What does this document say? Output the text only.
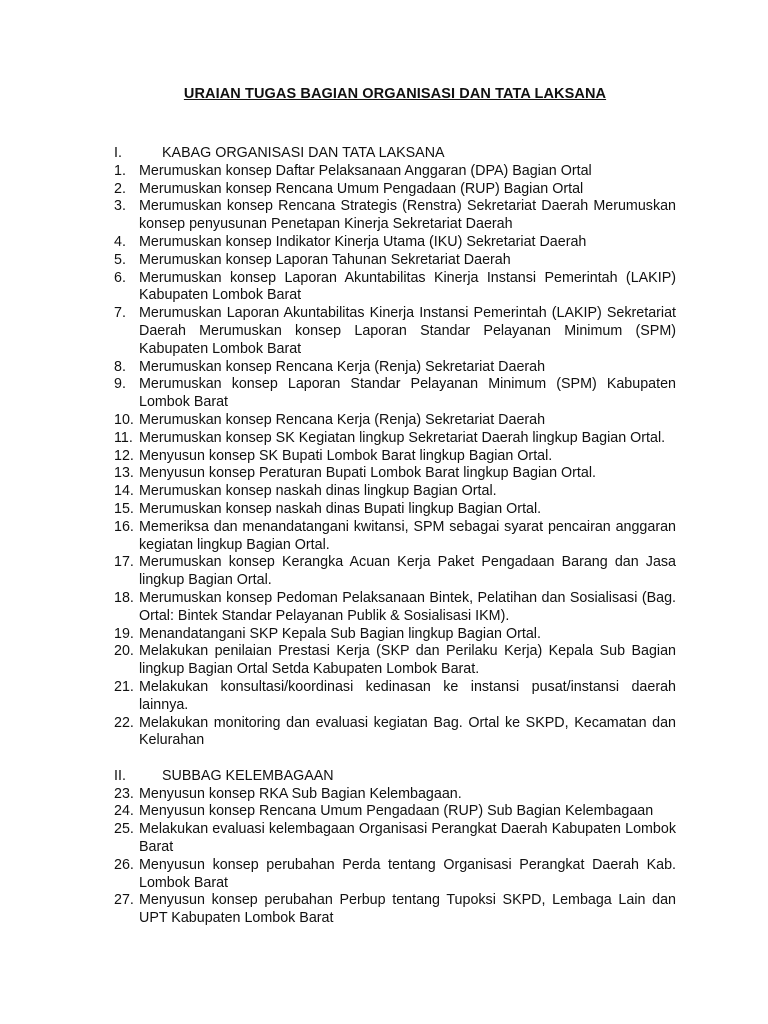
URAIAN TUGAS BAGIAN ORGANISASI DAN TATA LAKSANA
I.	KABAG ORGANISASI DAN TATA LAKSANA
1. Merumuskan konsep Daftar Pelaksanaan Anggaran (DPA) Bagian Ortal
2. Merumuskan konsep Rencana Umum Pengadaan (RUP) Bagian Ortal
3. Merumuskan konsep Rencana Strategis (Renstra) Sekretariat Daerah Merumuskan konsep penyusunan Penetapan Kinerja Sekretariat Daerah
4. Merumuskan konsep Indikator Kinerja Utama (IKU) Sekretariat Daerah
5. Merumuskan konsep Laporan Tahunan Sekretariat Daerah
6. Merumuskan konsep Laporan Akuntabilitas Kinerja Instansi Pemerintah (LAKIP) Kabupaten Lombok Barat
7. Merumuskan Laporan Akuntabilitas Kinerja Instansi Pemerintah (LAKIP) Sekretariat Daerah Merumuskan konsep Laporan Standar Pelayanan Minimum (SPM) Kabupaten Lombok Barat
8. Merumuskan konsep Rencana Kerja (Renja) Sekretariat Daerah
9. Merumuskan konsep Laporan Standar Pelayanan Minimum (SPM) Kabupaten Lombok Barat
10. Merumuskan konsep Rencana Kerja (Renja) Sekretariat Daerah
11. Merumuskan konsep SK Kegiatan lingkup Sekretariat Daerah lingkup Bagian Ortal.
12. Menyusun konsep SK Bupati Lombok Barat lingkup Bagian Ortal.
13. Menyusun konsep Peraturan Bupati Lombok Barat lingkup Bagian Ortal.
14. Merumuskan konsep naskah dinas lingkup Bagian Ortal.
15. Merumuskan konsep naskah dinas Bupati lingkup Bagian Ortal.
16. Memeriksa dan menandatangani kwitansi, SPM sebagai syarat pencairan anggaran kegiatan lingkup Bagian Ortal.
17. Merumuskan konsep Kerangka Acuan Kerja Paket Pengadaan Barang dan Jasa lingkup Bagian Ortal.
18. Merumuskan konsep Pedoman Pelaksanaan Bintek, Pelatihan dan Sosialisasi (Bag. Ortal: Bintek Standar Pelayanan Publik & Sosialisasi IKM).
19. Menandatangani SKP Kepala Sub Bagian lingkup Bagian Ortal.
20. Melakukan penilaian Prestasi Kerja (SKP dan Perilaku Kerja) Kepala Sub Bagian lingkup Bagian Ortal Setda Kabupaten Lombok Barat.
21. Melakukan konsultasi/koordinasi kedinasan ke instansi pusat/instansi daerah lainnya.
22. Melakukan monitoring dan evaluasi kegiatan Bag. Ortal ke SKPD, Kecamatan dan Kelurahan
II.	SUBBAG KELEMBAGAAN
23. Menyusun konsep RKA Sub Bagian Kelembagaan.
24. Menyusun konsep Rencana Umum Pengadaan (RUP) Sub Bagian Kelembagaan
25. Melakukan evaluasi kelembagaan Organisasi Perangkat Daerah Kabupaten Lombok Barat
26. Menyusun konsep perubahan Perda tentang Organisasi Perangkat Daerah Kab. Lombok Barat
27. Menyusun konsep perubahan Perbup tentang Tupoksi SKPD, Lembaga Lain dan UPT Kabupaten Lombok Barat
